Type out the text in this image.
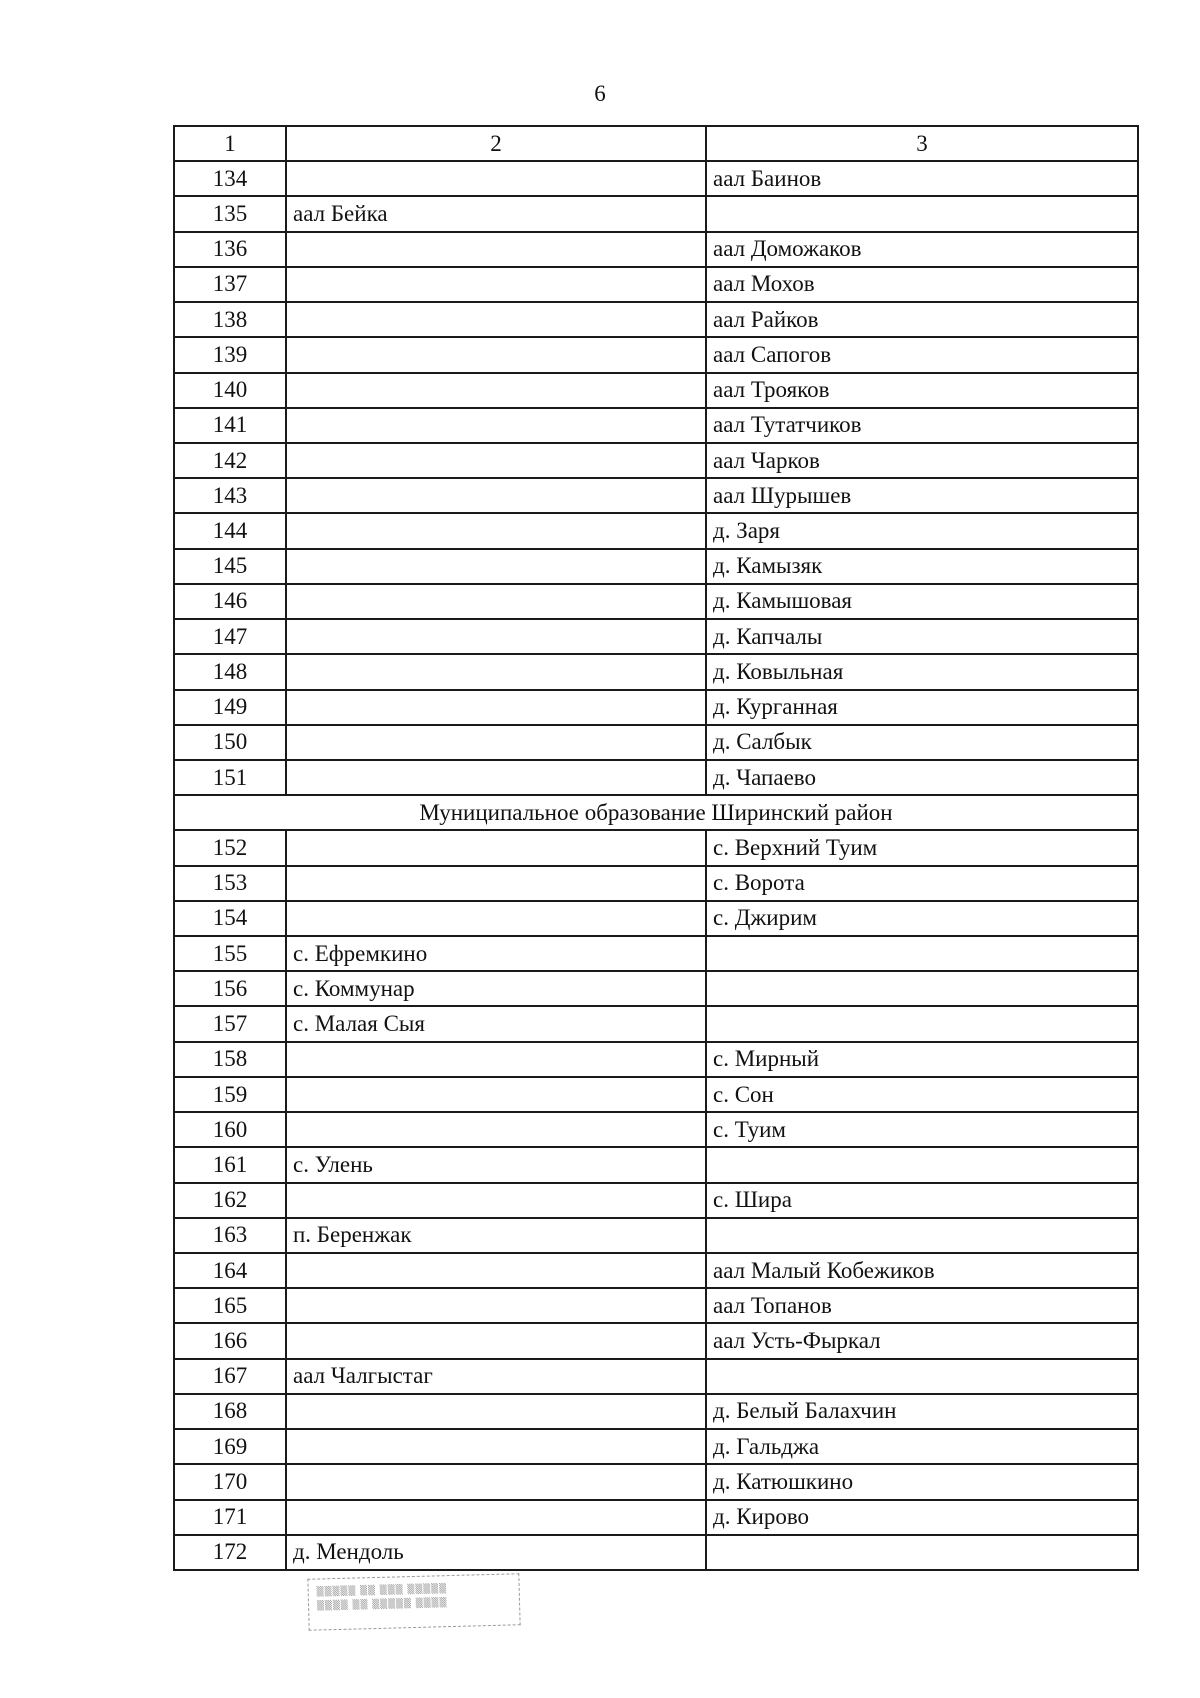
6
1	2	3
134		аал Баинов
135	аал Бейка	
136		аал Доможаков
137		аал Мохов
138		аал Райков
139		аал Сапогов
140		аал Трояков
141		аал Тутатчиков
142		аал Чарков
143		аал Шурышев
144		д. Заря
145		д. Камызяк
146		д. Камышовая
147		д. Капчалы
148		д. Ковыльная
149		д. Курганная
150		д. Салбык
151		д. Чапаево
Муниципальное образование Ширинский район		
152		с. Верхний Туим
153		с. Ворота
154		с. Джирим
155	с. Ефремкино	
156	с. Коммунар	
157	с. Малая Сыя	
158		с. Мирный
159		с. Сон
160		с. Туим
161	с. Улень	
162		с. Шира
163	п. Беренжак	
164		аал Малый Кобежиков
165		аал Топанов
166		аал Усть-Фыркал
167	аал Чалгыстаг	
168		д. Белый Балахчин
169		д. Гальджа
170		д. Катюшкино
171		д. Кирово
172	д. Мендоль	
▒▒▒▒▒ ▒▒ ▒▒▒ ▒▒▒▒▒
▒▒▒▒ ▒▒ ▒▒▒▒▒ ▒▒▒▒
